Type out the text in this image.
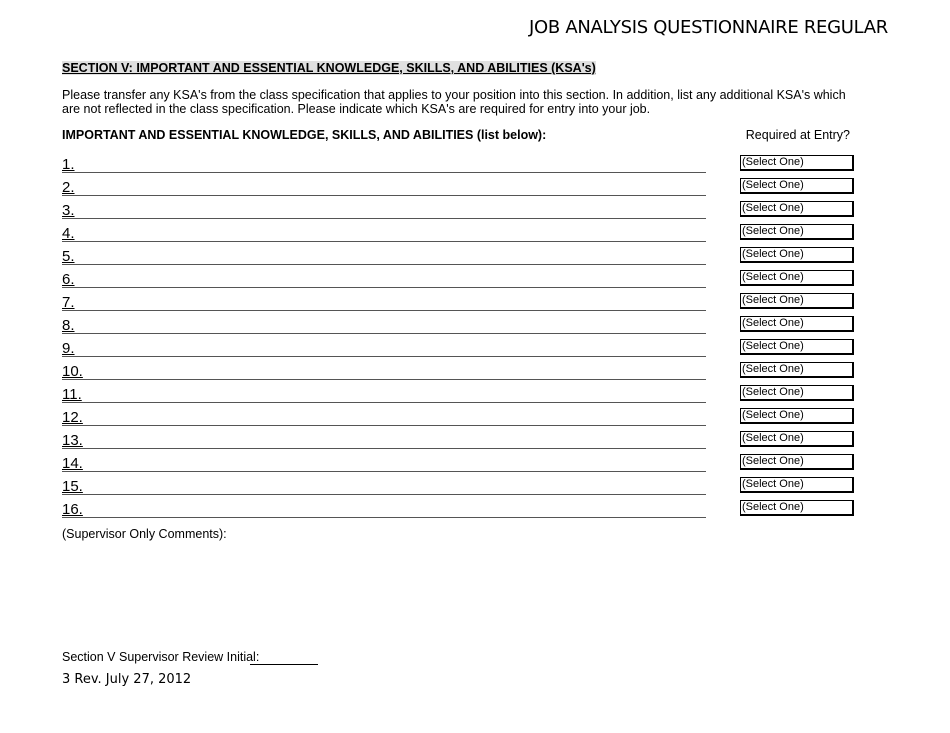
JOB ANALYSIS QUESTIONNAIRE REGULAR
SECTION V: IMPORTANT AND ESSENTIAL KNOWLEDGE, SKILLS, AND ABILITIES (KSA's)
Please transfer any KSA's from the class specification that applies to your position into this section. In addition, list any additional KSA's which are not reflected in the class specification. Please indicate which KSA's are required for entry into your job.
IMPORTANT AND ESSENTIAL KNOWLEDGE, SKILLS, AND ABILITIES (list below):	Required at Entry?
1.	(Select One)
2.	(Select One)
3.	(Select One)
4.	(Select One)
5.	(Select One)
6.	(Select One)
7.	(Select One)
8.	(Select One)
9.	(Select One)
10.	(Select One)
11.	(Select One)
12.	(Select One)
13.	(Select One)
14.	(Select One)
15.	(Select One)
16.	(Select One)
(Supervisor Only Comments):
Section V Supervisor Review Initial:
3 Rev. July 27, 2012
